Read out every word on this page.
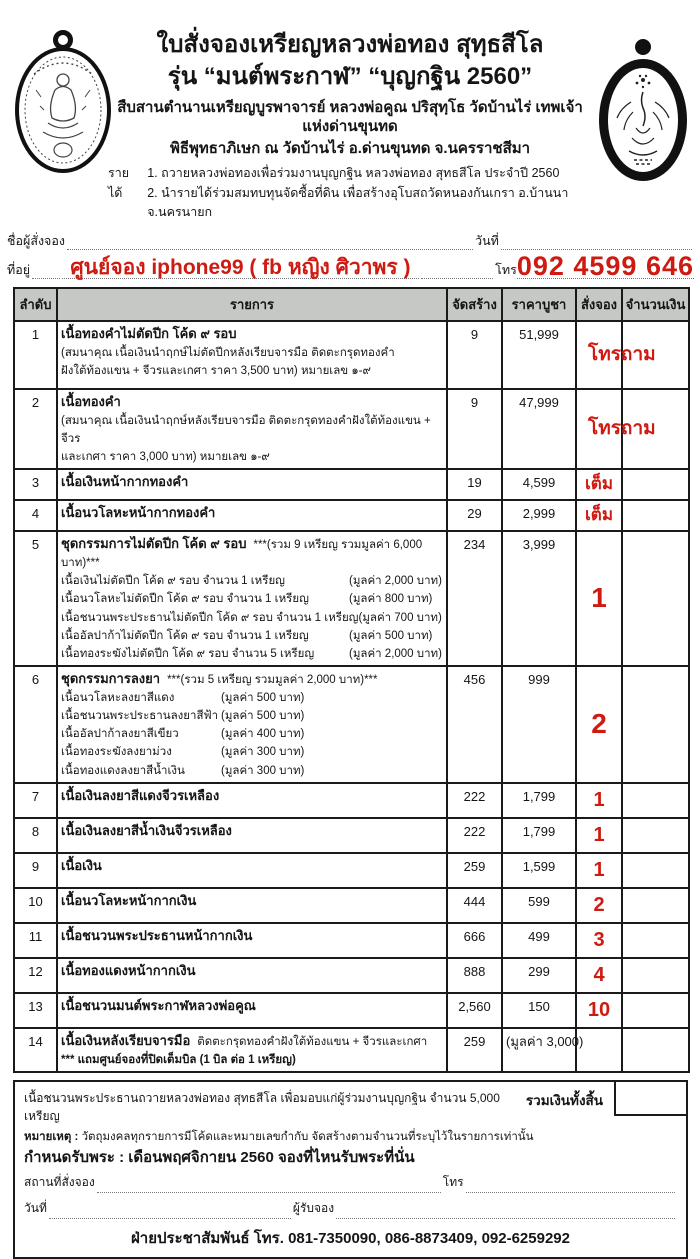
ใบสั่งจองเหรียญหลวงพ่อทอง สุทฺธสีโล
รุ่น “มนต์พระกาฬ” “บุญกฐิน 2560”
สืบสานตำนานเหรียญบูรพาจารย์ หลวงพ่อคูณ ปริสุทฺโธ วัดบ้านไร่ เทพเจ้าแห่งด่านขุนทด
พิธีพุทธาภิเษก ณ วัดบ้านไร่ อ.ด่านขุนทด จ.นครราชสีมา
รายได้
1. ถวายหลวงพ่อทองเพื่อร่วมงานบุญกฐิน หลวงพ่อทอง สุทธสีโล ประจำปี 2560
2. นำรายได้ร่วมสมทบทุนจัดซื้อที่ดิน เพื่อสร้างอุโบสถวัดหนองกันเกรา อ.บ้านนา จ.นครนายก
ชื่อผู้สั่งจอง	วันที่
ที่อยู่	ศูนย์จอง iphone99 ( fb หญิง ศิวาพร )	โทร 092 4599 646
ลำดับ	รายการ	จัดสร้าง	ราคาบูชา	สั่งจอง	จำนวนเงิน
1	เนื้อทองคำไม่ตัดปีก โค้ด ๙ รอบ
(สมนาคุณ เนื้อเงินนำฤกษ์ไม่ตัดปีกหลังเรียบจารมือ ติดตะกรุดทองคำ
ฝังใต้ท้องแขน + จีวรและเกศา ราคา 3,500 บาท) หมายเลข ๑-๙	9	51,999	โทรถาม	
2	เนื้อทองคำ
(สมนาคุณ เนื้อเงินนำฤกษ์หลังเรียบจารมือ ติดตะกรุดทองคำฝังใต้ท้องแขน + จีวร
และเกศา ราคา 3,000 บาท) หมายเลข ๑-๙	9	47,999	โทรถาม	
3	เนื้อเงินหน้ากากทองคำ	19	4,599	เต็ม	
4	เนื้อนวโลหะหน้ากากทองคำ	29	2,999	เต็ม	
5	ชุดกรรมการไม่ตัดปีก โค้ด ๙ รอบ ***(รวม 9 เหรียญ รวมมูลค่า 6,000 บาท)***
เนื้อเงินไม่ตัดปีก โค้ด ๙ รอบ จำนวน 1 เหรียญ	(มูลค่า 2,000 บาท)
เนื้อนวโลหะไม่ตัดปีก โค้ด ๙ รอบ จำนวน 1 เหรียญ	(มูลค่า 800 บาท)
เนื้อชนวนพระประธานไม่ตัดปีก โค้ด ๙ รอบ จำนวน 1 เหรียญ(มูลค่า 700 บาท)
เนื้ออัลปาก้าไม่ตัดปีก โค้ด ๙ รอบ จำนวน 1 เหรียญ	(มูลค่า 500 บาท)
เนื้อทองระฆังไม่ตัดปีก โค้ด ๙ รอบ จำนวน 5 เหรียญ	(มูลค่า 2,000 บาท)
	234	3,999	1	
6	ชุดกรรมการลงยา ***(รวม 5 เหรียญ รวมมูลค่า 2,000 บาท)***
เนื้อนวโลหะลงยาสีแดง	(มูลค่า 500 บาท)
เนื้อชนวนพระประธานลงยาสีฟ้า (มูลค่า 500 บาท)
เนื้ออัลปาก้าลงยาสีเขียว	(มูลค่า 400 บาท)
เนื้อทองระฆังลงยาม่วง	(มูลค่า 300 บาท)
เนื้อทองแดงลงยาสีน้ำเงิน	(มูลค่า 300 บาท)
	456	999	2	
7	เนื้อเงินลงยาสีแดงจีวรเหลือง	222	1,799	1	
8	เนื้อเงินลงยาสีน้ำเงินจีวรเหลือง	222	1,799	1	
9	เนื้อเงิน	259	1,599	1	
10	เนื้อนวโลหะหน้ากากเงิน	444	599	2	
11	เนื้อชนวนพระประธานหน้ากากเงิน	666	499	3	
12	เนื้อทองแดงหน้ากากเงิน	888	299	4	
13	เนื้อชนวนมนต์พระกาฬหลวงพ่อคูณ	2,560	150	10	
14	เนื้อเงินหลังเรียบจารมือ ติดตะกรุดทองคำฝังใต้ท้องแขน + จีวรและเกศา
*** แถมศูนย์จองที่ปิดเต็มบิล (1 บิล ต่อ 1 เหรียญ)	259	(มูลค่า 3,000)		
เนื้อชนวนพระประธานถวายหลวงพ่อทอง สุทธสีโล เพื่อมอบแก่ผู้ร่วมงานบุญกฐิน จำนวน 5,000 เหรียญ
รวมเงินทั้งสิ้น
หมายเหตุ : วัตถุมงคลทุกรายการมีโค้ดและหมายเลขกำกับ จัดสร้างตามจำนวนที่ระบุไว้ในรายการเท่านั้น
กำหนดรับพระ : เดือนพฤศจิกายน 2560 จองที่ไหนรับพระที่นั่น
สถานที่สั่งจอง	โทร
วันที่	ผู้รับจอง
ฝ่ายประชาสัมพันธ์ โทร. 081-7350090, 086-8873409, 092-6259292
